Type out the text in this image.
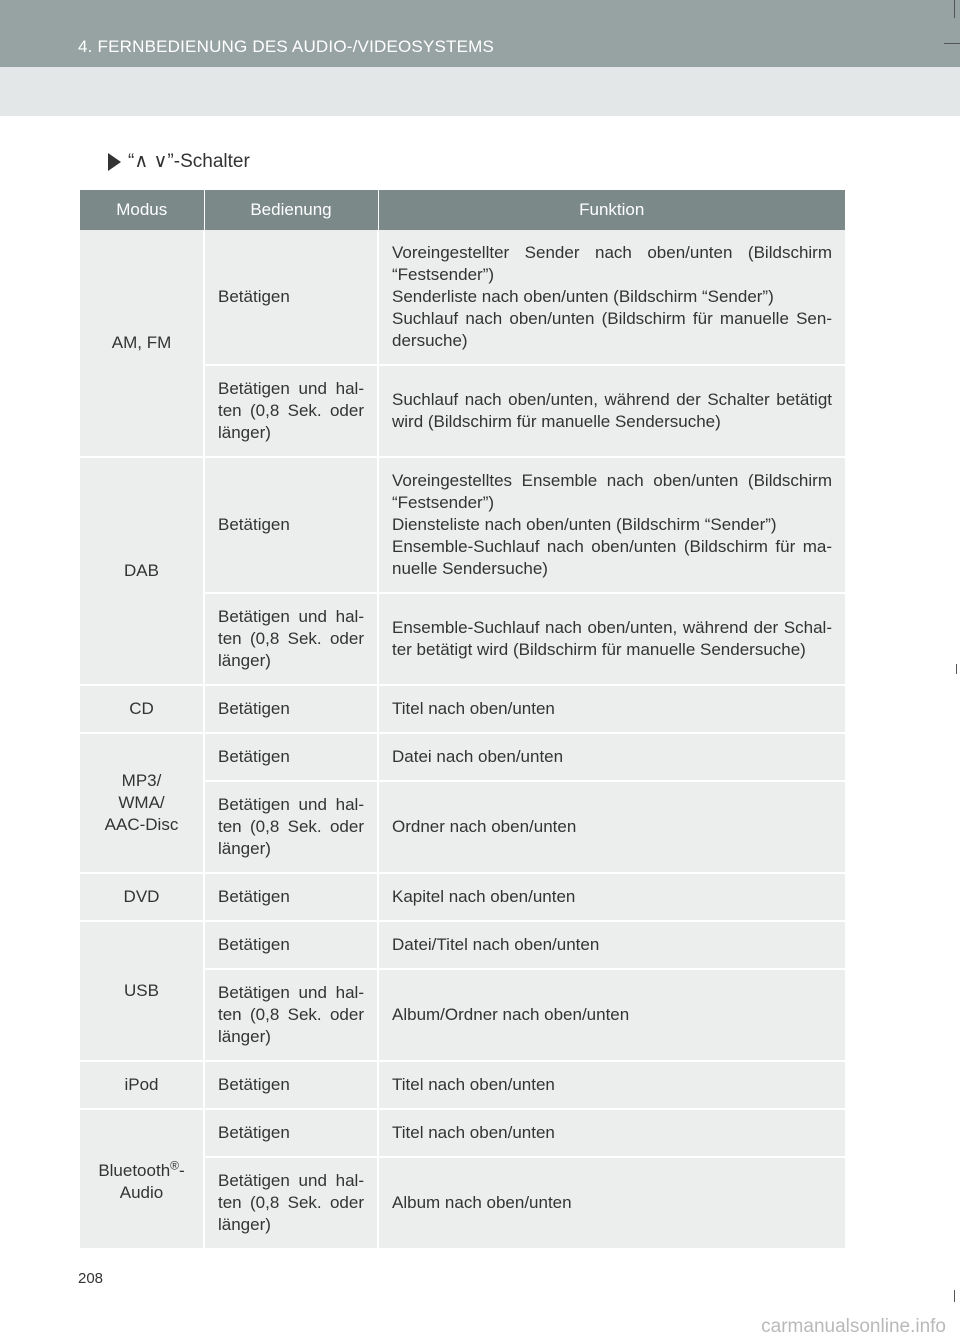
4. FERNBEDIENUNG DES AUDIO-/VIDEOSYSTEMS
“∧ ∨”-Schalter
Modus	Bedienung	Funktion
AM, FM	Betätigen	Voreingestellter Sender nach oben/unten (Bildschirm “Festsender”)
Senderliste nach oben/unten (Bildschirm “Sender”)
Suchlauf nach oben/unten (Bildschirm für manuelle Sen-dersuche)

	Betätigen und hal-ten (0,8 Sek. oder länger)	Suchlauf nach oben/unten, während der Schalter betätigt wird (Bildschirm für manuelle Sendersuche)
DAB	Betätigen	Voreingestelltes Ensemble nach oben/unten (Bildschirm “Festsender”)
Diensteliste nach oben/unten (Bildschirm “Sender”)
Ensemble-Suchlauf nach oben/unten (Bildschirm für ma-nuelle Sendersuche)

	Betätigen und hal-ten (0,8 Sek. oder länger)	Ensemble-Suchlauf nach oben/unten, während der Schal-ter betätigt wird (Bildschirm für manuelle Sendersuche)
CD	Betätigen	Titel nach oben/unten

MP3/
WMA/
AAC-Disc	Betätigen	Datei nach oben/unten
	Betätigen und hal-ten (0,8 Sek. oder länger)	Ordner nach oben/unten
DVD	Betätigen	Kapitel nach oben/unten
USB	Betätigen	Datei/Titel nach oben/unten
	Betätigen und hal-ten (0,8 Sek. oder länger)	Album/Ordner nach oben/unten
iPod	Betätigen	Titel nach oben/unten
Bluetooth®-
Audio	Betätigen	Titel nach oben/unten
	Betätigen und hal-ten (0,8 Sek. oder länger)	Album nach oben/unten
208
carmanualsonline.info
